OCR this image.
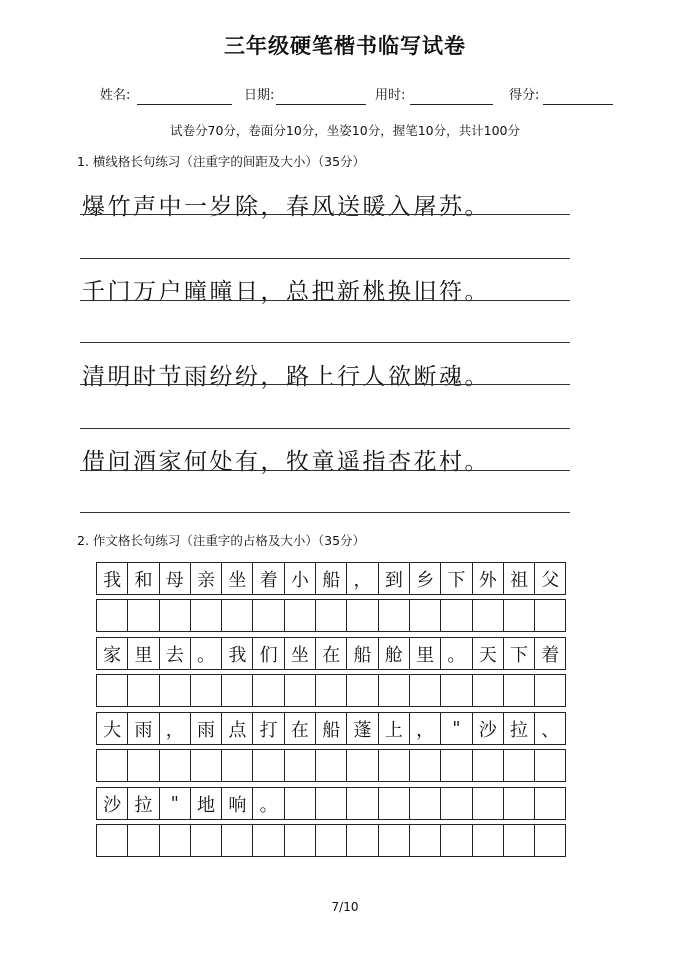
三年级硬笔楷书临写试卷
姓名:	日期:	用时:	得分:
试卷分70分，卷面分10分，坐姿10分，握笔10分，共计100分
1. 横线格长句练习（注重字的间距及大小）（35分）
爆竹声中一岁除，春风送暖入屠苏。
千门万户曈曈日，总把新桃换旧符。
清明时节雨纷纷，路上行人欲断魂。
借问酒家何处有，牧童遥指杏花村。
2. 作文格长句练习（注重字的占格及大小）（35分）
我 和 母 亲 坐 着 小 船 ， 到 乡 下 外 祖 父
家 里 去 。 我 们 坐 在 船 舱 里 。 天 下 着
大 雨 ， 雨 点 打 在 船 蓬 上 ，	"	沙 拉 、
沙 拉	"	地 响 。
7/10
